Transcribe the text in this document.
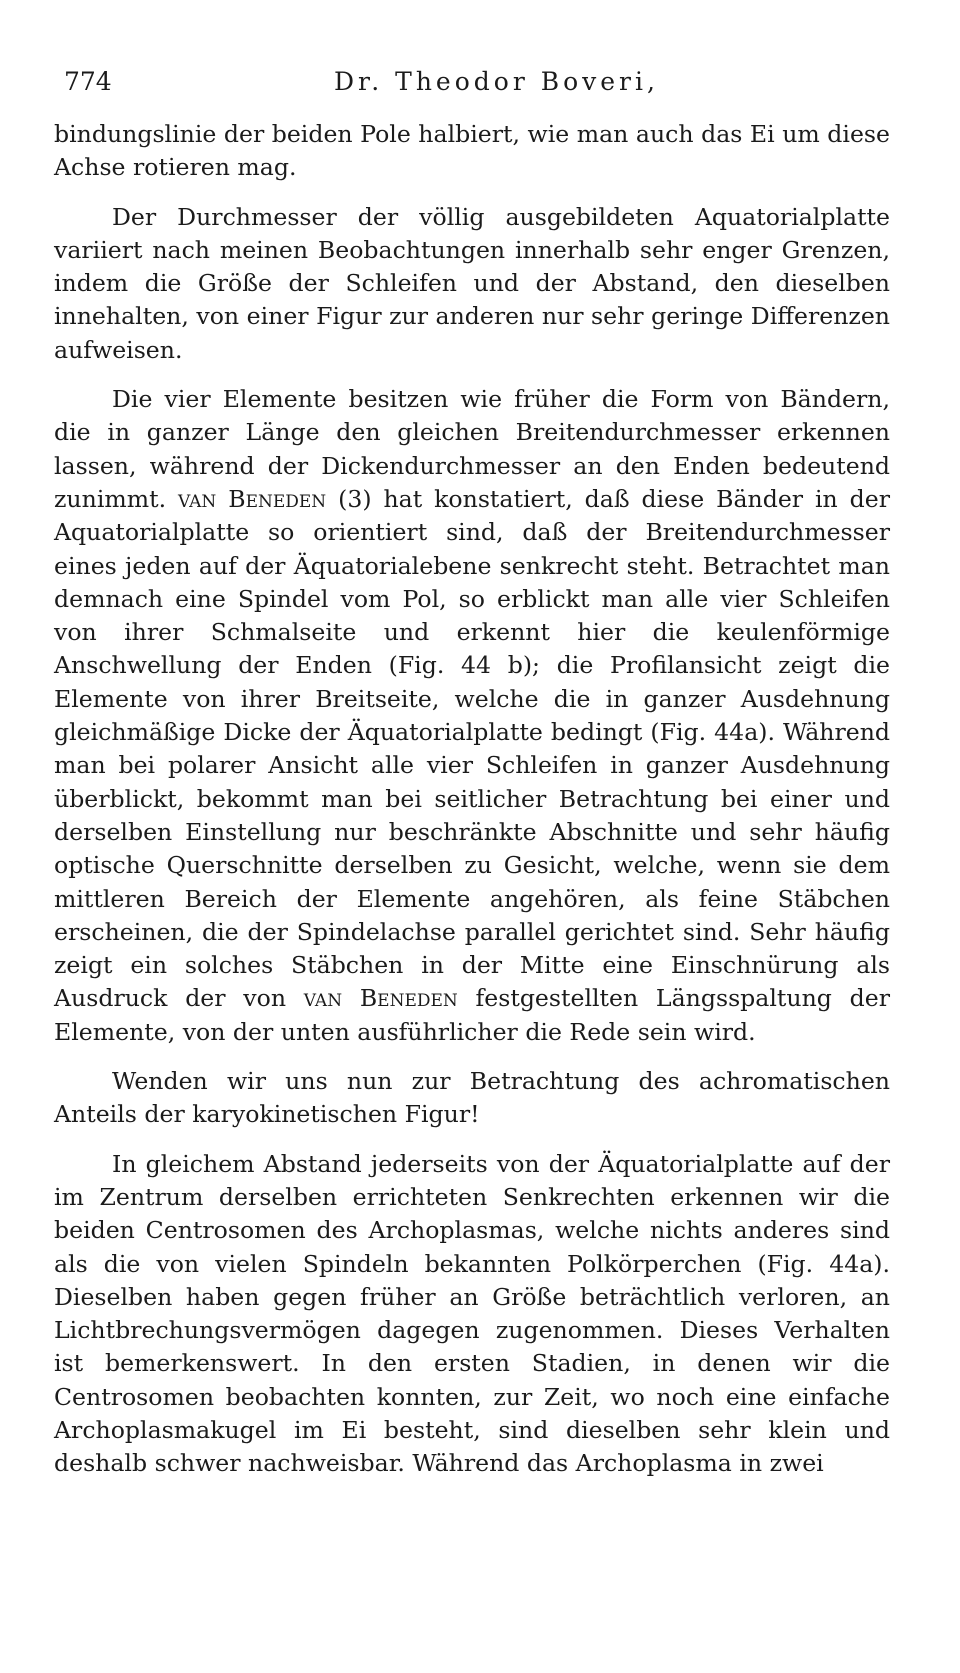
774	Dr. Theodor Boveri,

bindungslinie der beiden Pole halbiert, wie man auch das Ei um diese Achse rotieren mag.

Der Durchmesser der völlig ausgebildeten Aquatorialplatte variiert nach meinen Beobachtungen innerhalb sehr enger Grenzen, indem die Größe der Schleifen und der Abstand, den dieselben innehalten, von einer Figur zur anderen nur sehr geringe Differenzen aufweisen.

Die vier Elemente besitzen wie früher die Form von Bändern, die in ganzer Länge den gleichen Breitendurchmesser erkennen lassen, während der Dickendurchmesser an den Enden bedeutend zunimmt. van Beneden (3) hat konstatiert, daß diese Bänder in der Aquatorialplatte so orientiert sind, daß der Breitendurchmesser eines jeden auf der Äquatorialebene senkrecht steht. Betrachtet man demnach eine Spindel vom Pol, so erblickt man alle vier Schleifen von ihrer Schmalseite und erkennt hier die keulenförmige Anschwellung der Enden (Fig. 44 b); die Profilansicht zeigt die Elemente von ihrer Breitseite, welche die in ganzer Ausdehnung gleichmäßige Dicke der Äquatorialplatte bedingt (Fig. 44a). Während man bei polarer Ansicht alle vier Schleifen in ganzer Ausdehnung überblickt, bekommt man bei seitlicher Betrachtung bei einer und derselben Einstellung nur beschränkte Abschnitte und sehr häufig optische Querschnitte derselben zu Gesicht, welche, wenn sie dem mittleren Bereich der Elemente angehören, als feine Stäbchen erscheinen, die der Spindelachse parallel gerichtet sind. Sehr häufig zeigt ein solches Stäbchen in der Mitte eine Einschnürung als Ausdruck der von van Beneden festgestellten Längsspaltung der Elemente, von der unten ausführlicher die Rede sein wird.

Wenden wir uns nun zur Betrachtung des achromatischen Anteils der karyokinetischen Figur!

In gleichem Abstand jederseits von der Äquatorialplatte auf der im Zentrum derselben errichteten Senkrechten erkennen wir die beiden Centrosomen des Archoplasmas, welche nichts anderes sind als die von vielen Spindeln bekannten Polkörperchen (Fig. 44a). Dieselben haben gegen früher an Größe beträchtlich verloren, an Lichtbrechungsvermögen dagegen zugenommen. Dieses Verhalten ist bemerkenswert. In den ersten Stadien, in denen wir die Centrosomen beobachten konnten, zur Zeit, wo noch eine einfache Archoplasmakugel im Ei besteht, sind dieselben sehr klein und deshalb schwer nachweisbar. Während das Archoplasma in zwei
